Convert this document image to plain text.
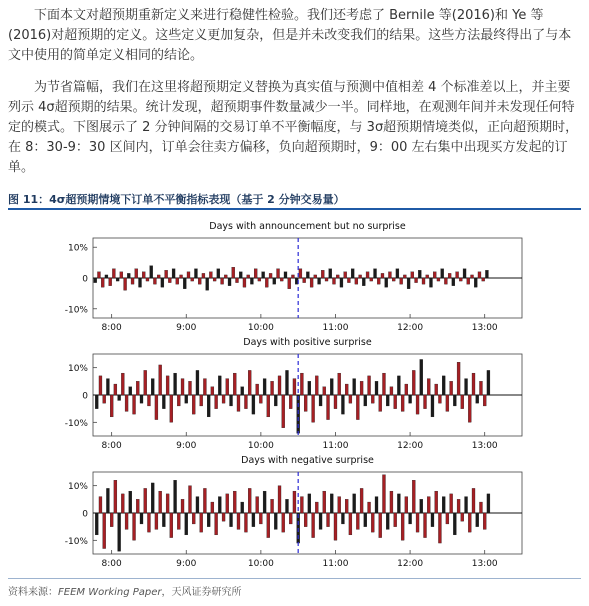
下面本文对超预期重新定义来进行稳健性检验。我们还考虑了 Bernile 等(2016)和 Ye 等(2016)对超预期的定义。这些定义更加复杂，但是并未改变我们的结果。这些方法最终得出了与本文中使用的简单定义相同的结论。
为节省篇幅，我们在这里将超预期定义替换为真实值与预测中值相差 4 个标准差以上，并主要列示 4σ超预期的结果。统计发现，超预期事件数量减少一半。同样地，在观测年间并未发现任何特定的模式。下图展示了 2 分钟间隔的交易订单不平衡幅度，与 3σ超预期情境类似，正向超预期时，在 8：30-9：30 区间内，订单会往卖方偏移，负向超预期时，9：00 左右集中出现买方发起的订单。
图 11：4σ超预期情境下订单不平衡指标表现（基于 2 分钟交易量）
Days with announcement but no surprise
10%
0
-10%
8:00	9:00	10:00	11:00	12:00	13:00
Days with positive surprise
10%
0
-10%
8:00	9:00	10:00	11:00	12:00	13:00
Days with negative surprise
10%
0
-10%
8:00	9:00	10:00	11:00	12:00	13:00
资料来源：FEEM Working Paper，天风证券研究所
